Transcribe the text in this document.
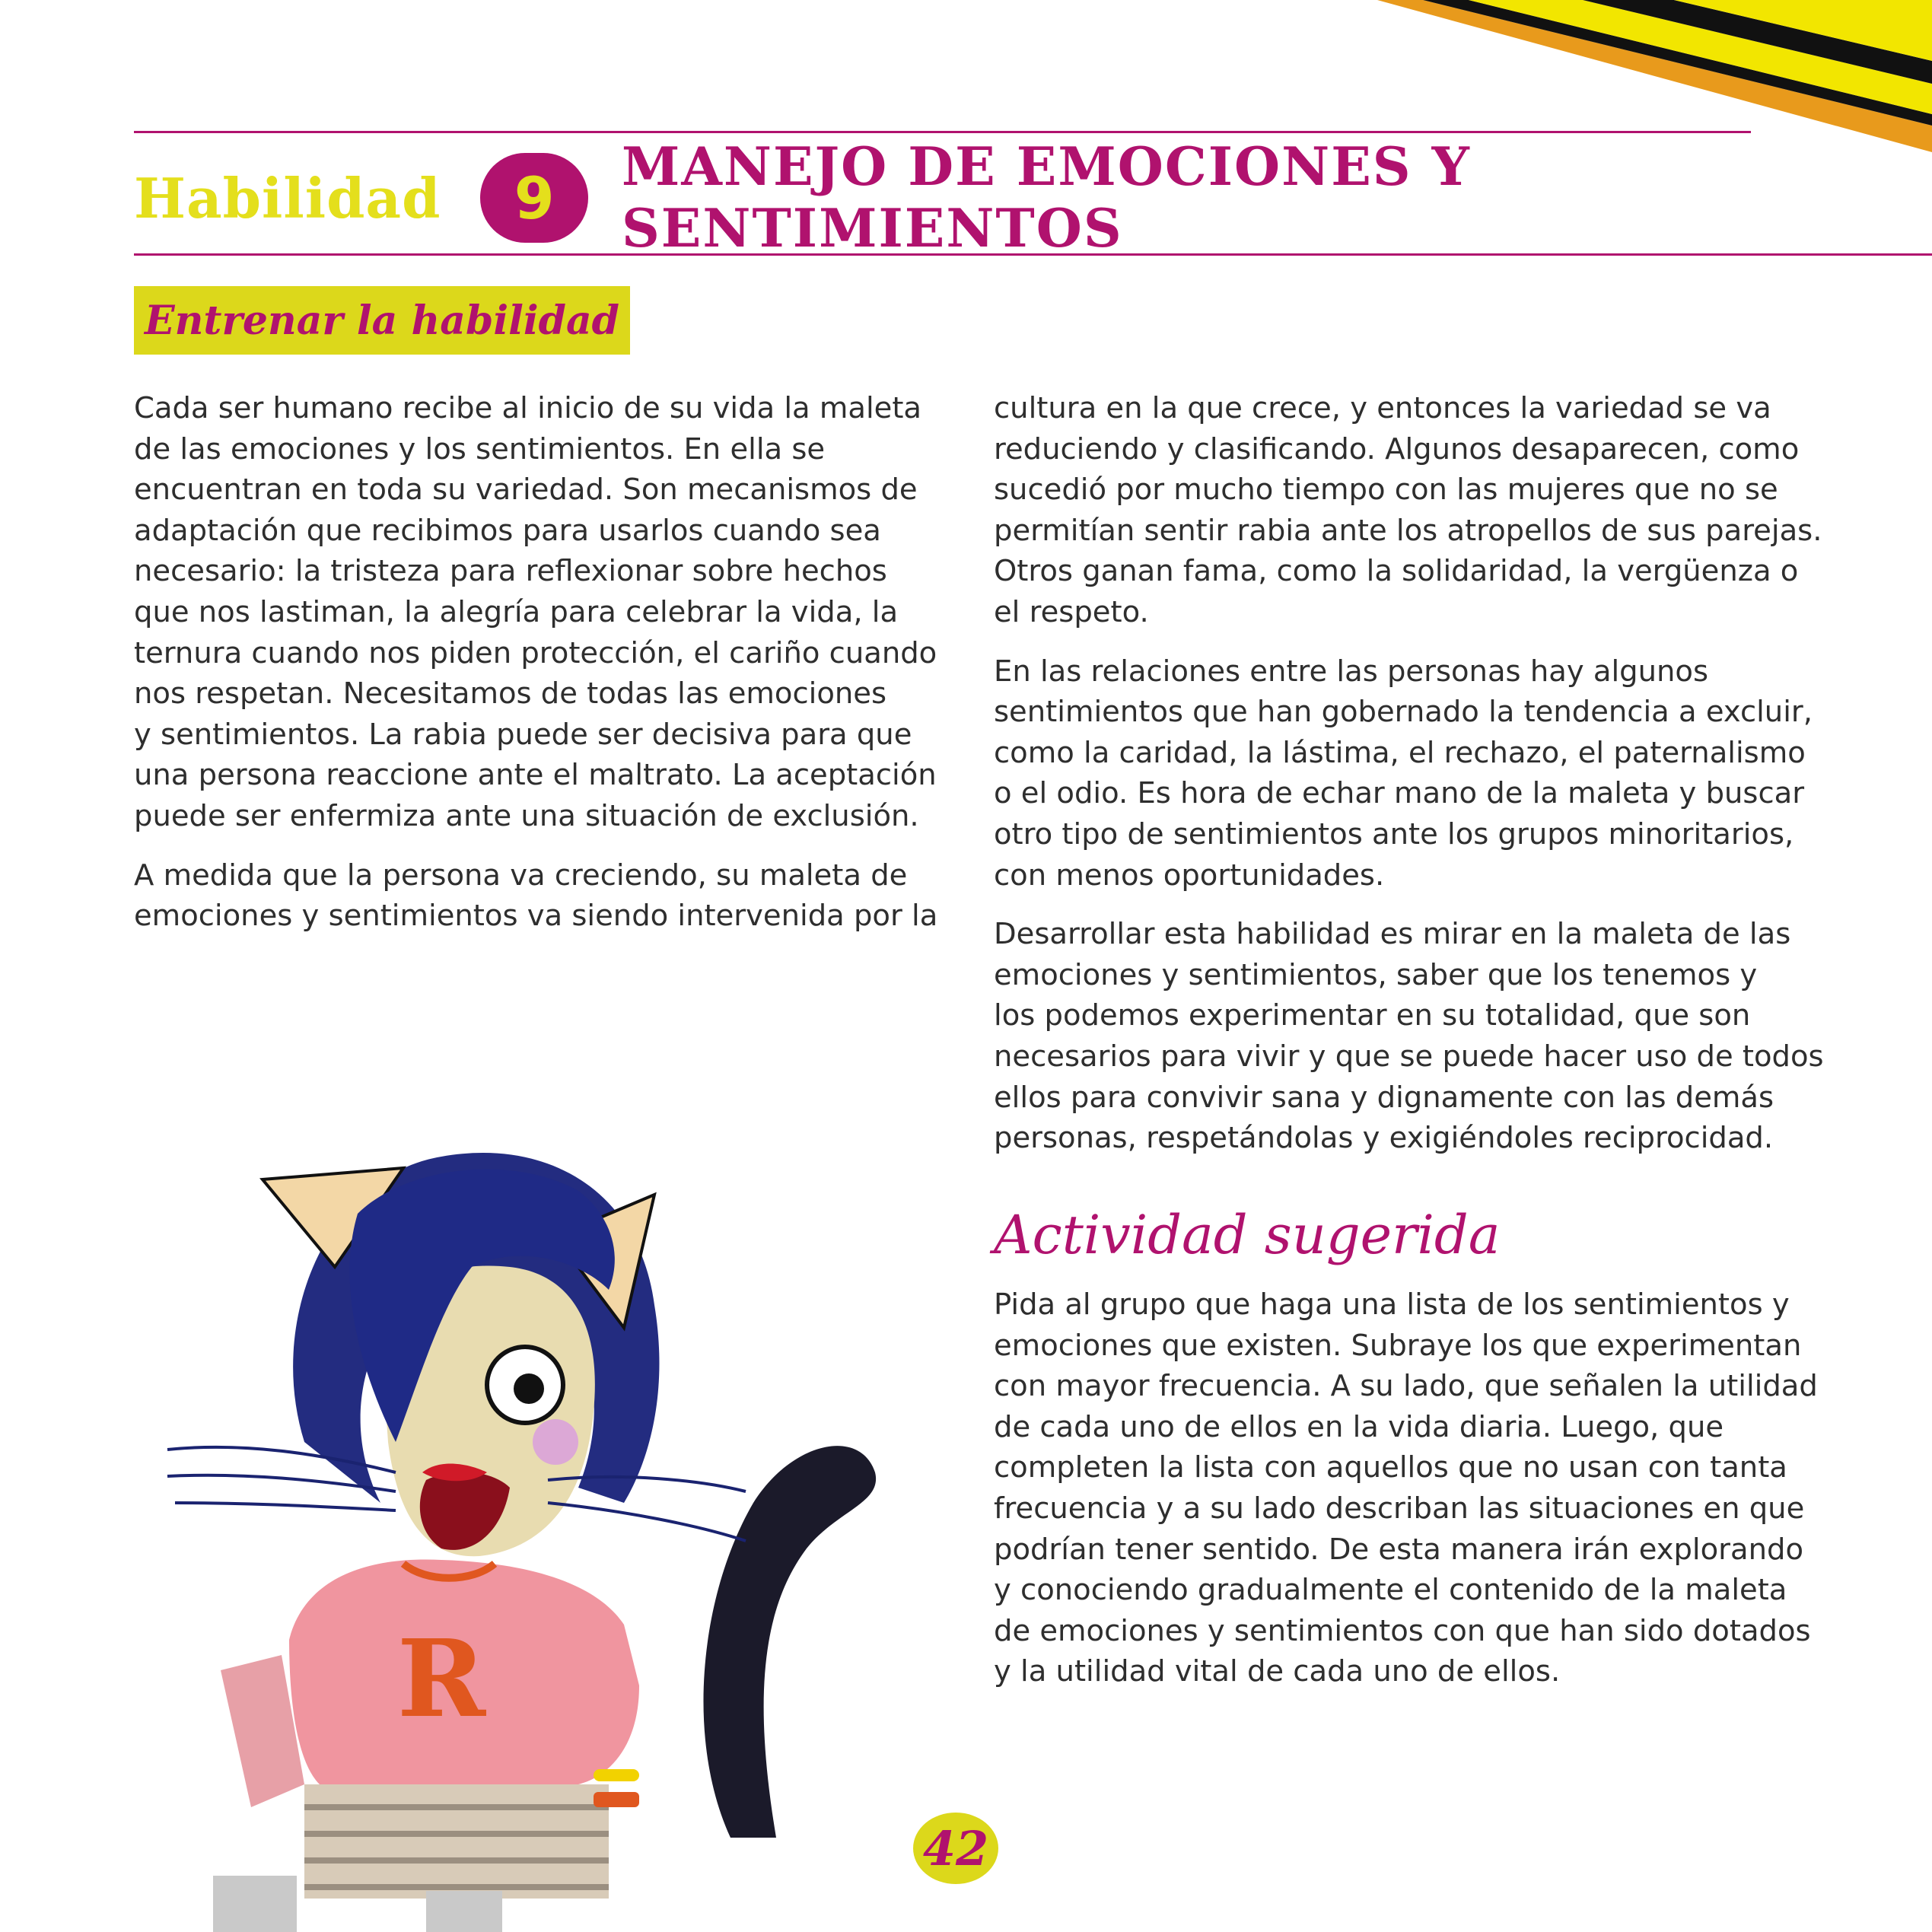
Habilidad 9 MANEJO DE EMOCIONES Y SENTIMIENTOS
Entrenar la habilidad
Cada ser humano recibe al inicio de su vida la maleta
de las emociones y los sentimientos. En ella se
encuentran en toda su variedad. Son mecanismos de
adaptación que recibimos para usarlos cuando sea
necesario: la tristeza para reflexionar sobre hechos
que nos lastiman, la alegría para celebrar la vida, la
ternura cuando nos piden protección, el cariño cuando
nos respetan. Necesitamos de todas las emociones
y sentimientos. La rabia puede ser decisiva para que
una persona reaccione ante el maltrato. La aceptación
puede ser enfermiza ante una situación de exclusión.
A medida que la persona va creciendo, su maleta de
emociones y sentimientos va siendo intervenida por la
cultura en la que crece, y entonces la variedad se va
reduciendo y clasificando. Algunos desaparecen, como
sucedió por mucho tiempo con las mujeres que no se
permitían sentir rabia ante los atropellos de sus parejas.
Otros ganan fama, como la solidaridad, la vergüenza o
el respeto.
En las relaciones entre las personas hay algunos
sentimientos que han gobernado la tendencia a excluir,
como la caridad, la lástima, el rechazo, el paternalismo
o el odio. Es hora de echar mano de la maleta y buscar
otro tipo de sentimientos ante los grupos minoritarios,
con menos oportunidades.
Desarrollar esta habilidad es mirar en la maleta de las
emociones y sentimientos, saber que los tenemos y
los podemos experimentar en su totalidad, que son
necesarios para vivir y que se puede hacer uso de todos
ellos para convivir sana y dignamente con las demás
personas, respetándolas y exigiéndoles reciprocidad.
Actividad sugerida
Pida al grupo que haga una lista de los sentimientos y
emociones que existen. Subraye los que experimentan
con mayor frecuencia. A su lado, que señalen la utilidad
de cada uno de ellos en la vida diaria. Luego, que
completen la lista con aquellos que no usan con tanta
frecuencia y a su lado describan las situaciones en que
podrían tener sentido. De esta manera irán explorando
y conociendo gradualmente el contenido de la maleta
de emociones y sentimientos con que han sido dotados
y la utilidad vital de cada uno de ellos.
R
42
